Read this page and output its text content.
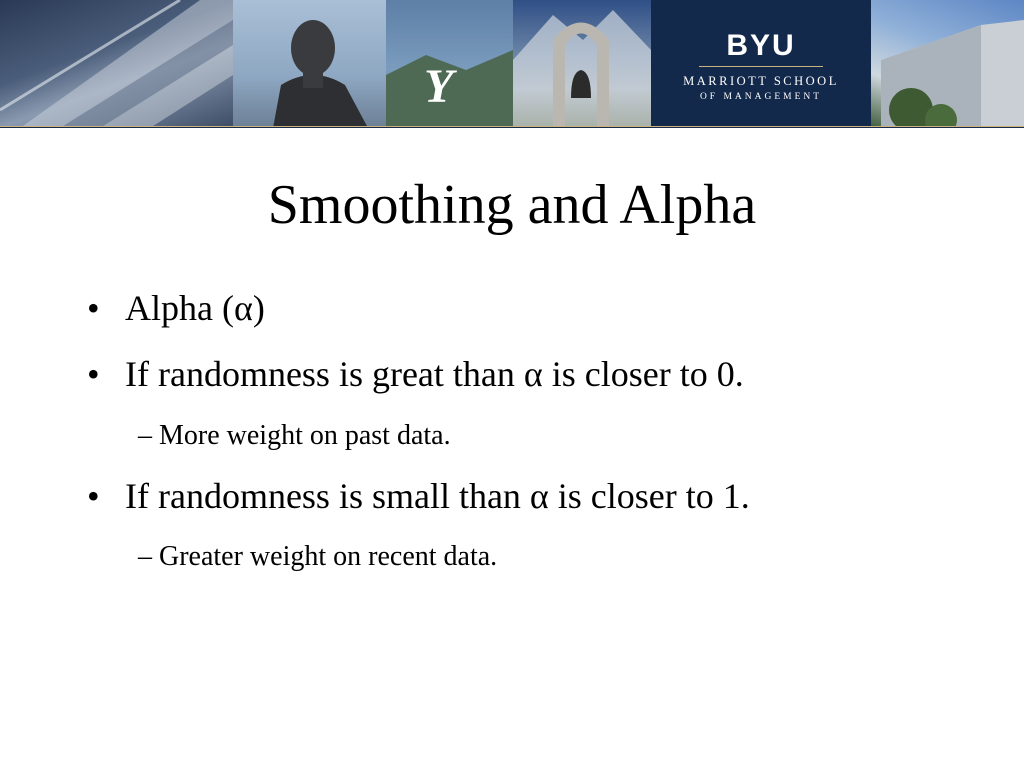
Y
BYU
MARRIOTT SCHOOL
OF MANAGEMENT
Smoothing and Alpha
• Alpha (α)
• If randomness is great than α is closer to 0.
– More weight on past data.
• If randomness is small than α is closer to 1.
– Greater weight on recent data.
